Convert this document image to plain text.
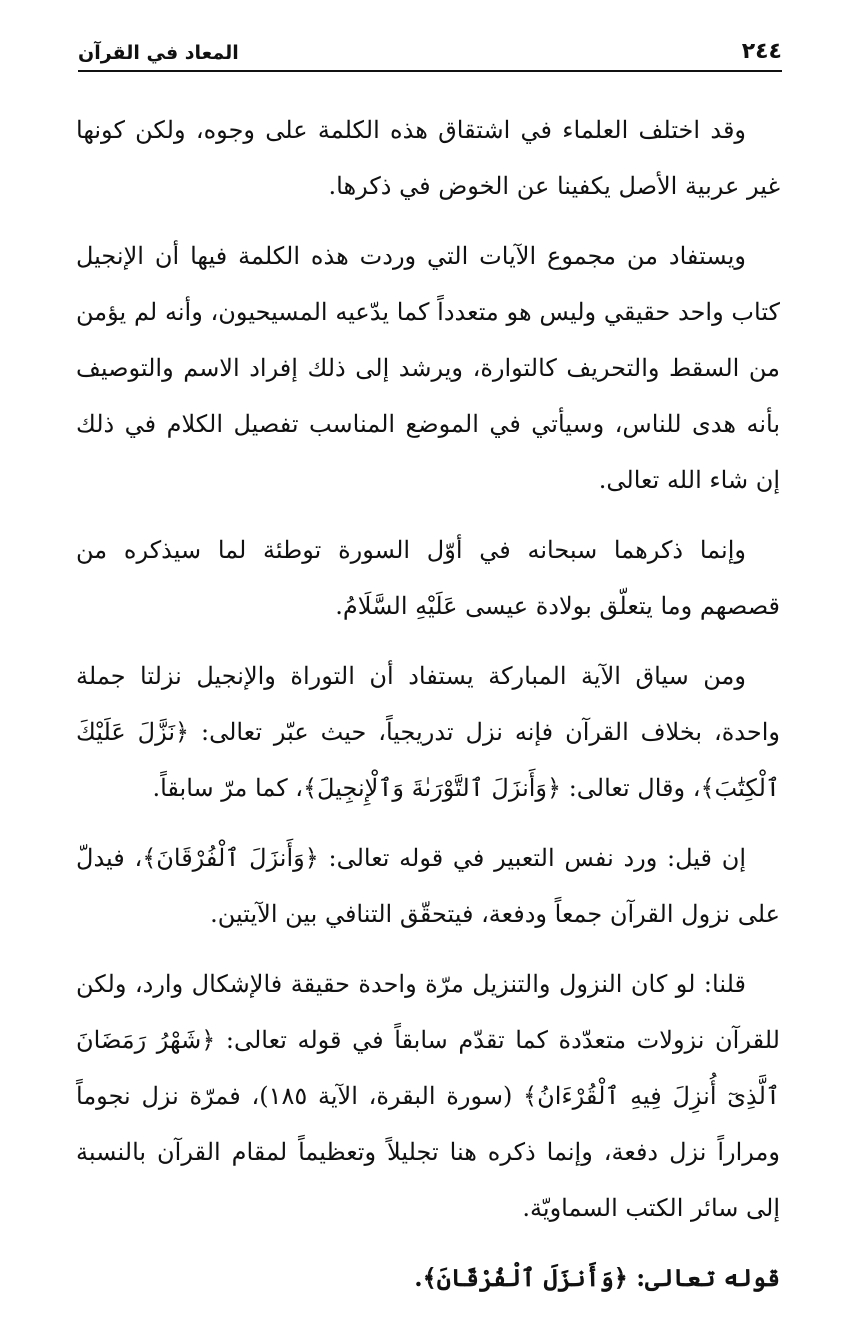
٢٤٤
المعاد في القرآن

وقد اختلف العلماء في اشتقاق هذه الكلمة على وجوه، ولكن كونها غير عربية الأصل يكفينا عن الخوض في ذكرها.

ويستفاد من مجموع الآيات التي وردت هذه الكلمة فيها أن الإنجيل كتاب واحد حقيقي وليس هو متعدداً كما يدّعيه المسيحيون، وأنه لم يؤمن من السقط والتحريف كالتوارة، ويرشد إلى ذلك إفراد الاسم والتوصيف بأنه هدى للناس، وسيأتي في الموضع المناسب تفصيل الكلام في ذلك إن شاء الله تعالى.

وإنما ذكرهما سبحانه في أوّل السورة توطئة لما سيذكره من قصصهم وما يتعلّق بولادة عيسى عَلَيْهِ السَّلَامُ.

ومن سياق الآية المباركة يستفاد أن التوراة والإنجيل نزلتا جملة واحدة، بخلاف القرآن فإنه نزل تدريجياً، حيث عبّر تعالى: ﴿نَزَّلَ عَلَيْكَ ٱلْكِتَٰبَ﴾، وقال تعالى: ﴿وَأَنزَلَ ٱلتَّوْرَىٰةَ وَٱلْإِنجِيلَ﴾، كما مرّ سابقاً.

إن قيل: ورد نفس التعبير في قوله تعالى: ﴿وَأَنزَلَ ٱلْفُرْقَانَ﴾، فيدلّ على نزول القرآن جمعاً ودفعة، فيتحقّق التنافي بين الآيتين.

قلنا: لو كان النزول والتنزيل مرّة واحدة حقيقة فالإشكال وارد، ولكن للقرآن نزولات متعدّدة كما تقدّم سابقاً في قوله تعالى: ﴿شَهْرُ رَمَضَانَ ٱلَّذِىٓ أُنزِلَ فِيهِ ٱلْقُرْءَانُ﴾ (سورة البقرة، الآية ١٨٥)، فمرّة نزل نجوماً ومراراً نزل دفعة، وإنما ذكره هنا تجليلاً وتعظيماً لمقام القرآن بالنسبة إلى سائر الكتب السماويّة.

قوله تعالى: ﴿وَأَنزَلَ ٱلْفُرْقَانَ﴾.
